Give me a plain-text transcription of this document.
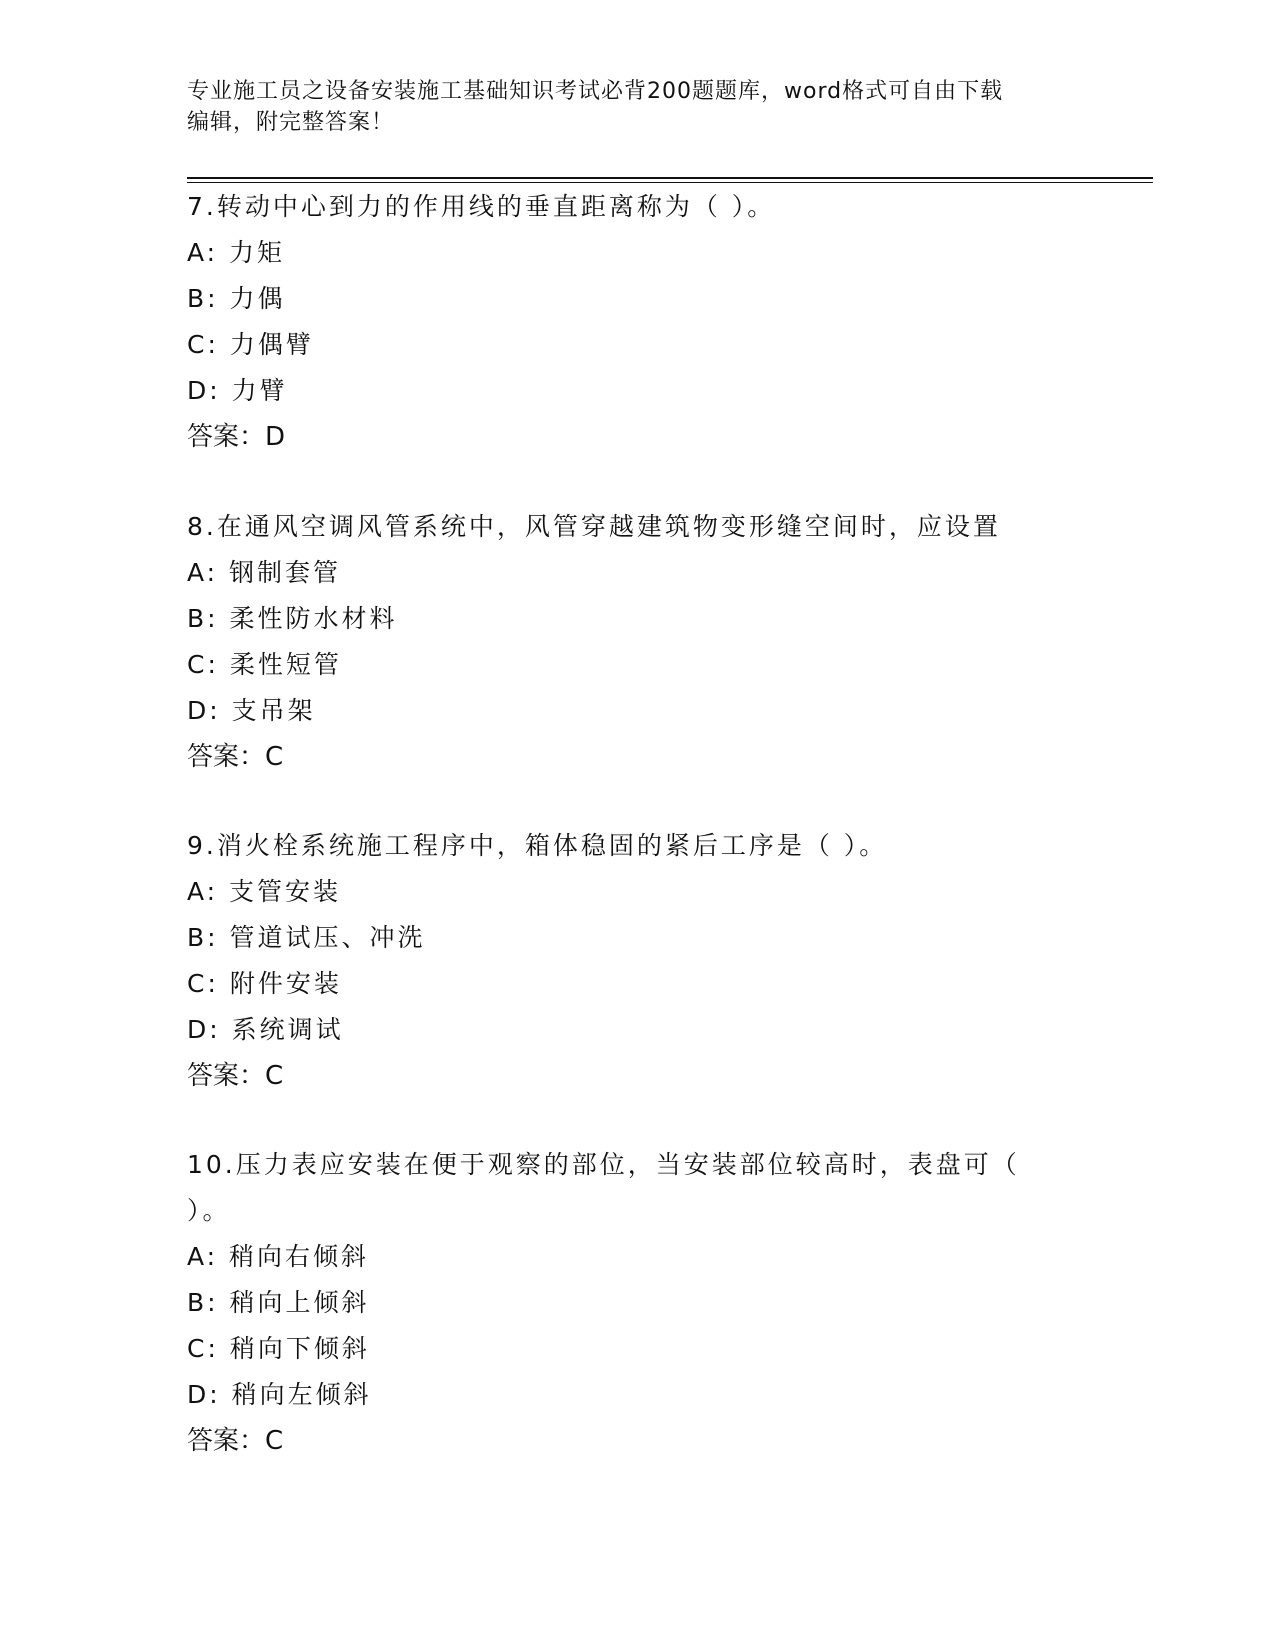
专业施工员之设备安装施工基础知识考试必背200题题库，word格式可自由下载
编辑，附完整答案！
7.转动中心到力的作用线的垂直距离称为（ ）。
A: 力矩
B: 力偶
C: 力偶臂
D: 力臂
答案：D
8.在通风空调风管系统中，风管穿越建筑物变形缝空间时，应设置
A: 钢制套管
B: 柔性防水材料
C: 柔性短管
D: 支吊架
答案：C
9.消火栓系统施工程序中，箱体稳固的紧后工序是（ ）。
A: 支管安装
B: 管道试压、冲洗
C: 附件安装
D: 系统调试
答案：C
10.压力表应安装在便于观察的部位，当安装部位较高时，表盘可（
）。
A: 稍向右倾斜
B: 稍向上倾斜
C: 稍向下倾斜
D: 稍向左倾斜
答案：C
